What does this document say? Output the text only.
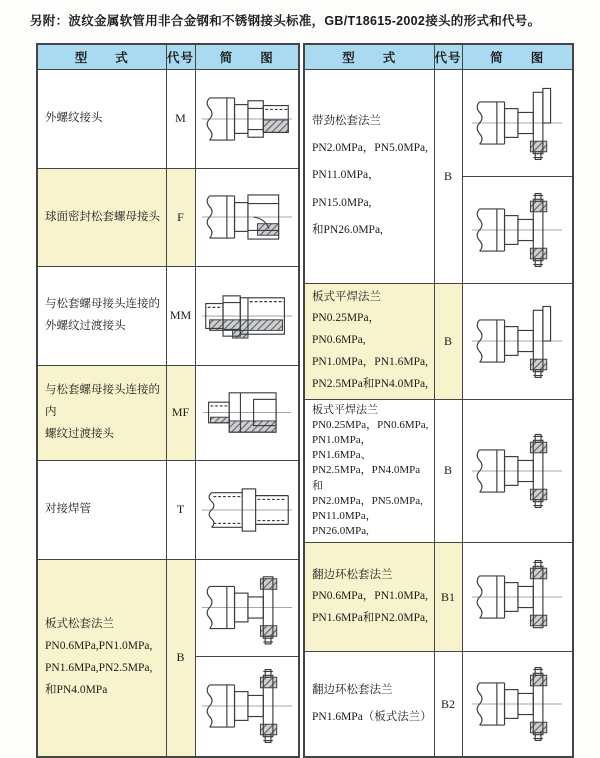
另附：波纹金属软管用非合金钢和不锈钢接头标准，GB/T18615-2002接头的形式和代号。
型　　式	代号	简　　图

外螺纹接头	M	

球面密封松套螺母接头	F	

与松套螺母接头连接的
外螺纹过渡接头	MM	

与松套螺母接头连接的内
螺纹过渡接头	MF	

对接焊管	T	

板式松套法兰
PN0.6MPa,PN1.0MPa,
PN1.6MPa,PN2.5MPa,
和PN4.0MPa	B	

型　　式	代号	简　　图

带劲松套法兰
PN2.0MPa，PN5.0MPa,
PN11.0MPa，PN15.0MPa,
和PN26.0MPa,	B	

板式平焊法兰
PN0.25MPa，PN0.6MPa,
PN1.0MPa，PN1.6MPa,
PN2.5MPa和PN4.0MPa,	B	

板式平焊法兰
PN0.25MPa，PN0.6MPa,
PN1.0MPa，PN1.6MPa、
PN2.5MPa，PN4.0MPa和
PN2.0MPa，PN5.0MPa,
PN11.0MPa，PN26.0MPa,
	B	

翻边环松套法兰
PN0.6MPa，PN1.0MPa,
PN1.6MPa和PN2.0MPa,	B1	

翻边环松套法兰
PN1.6MPa（板式法兰）	B2	
